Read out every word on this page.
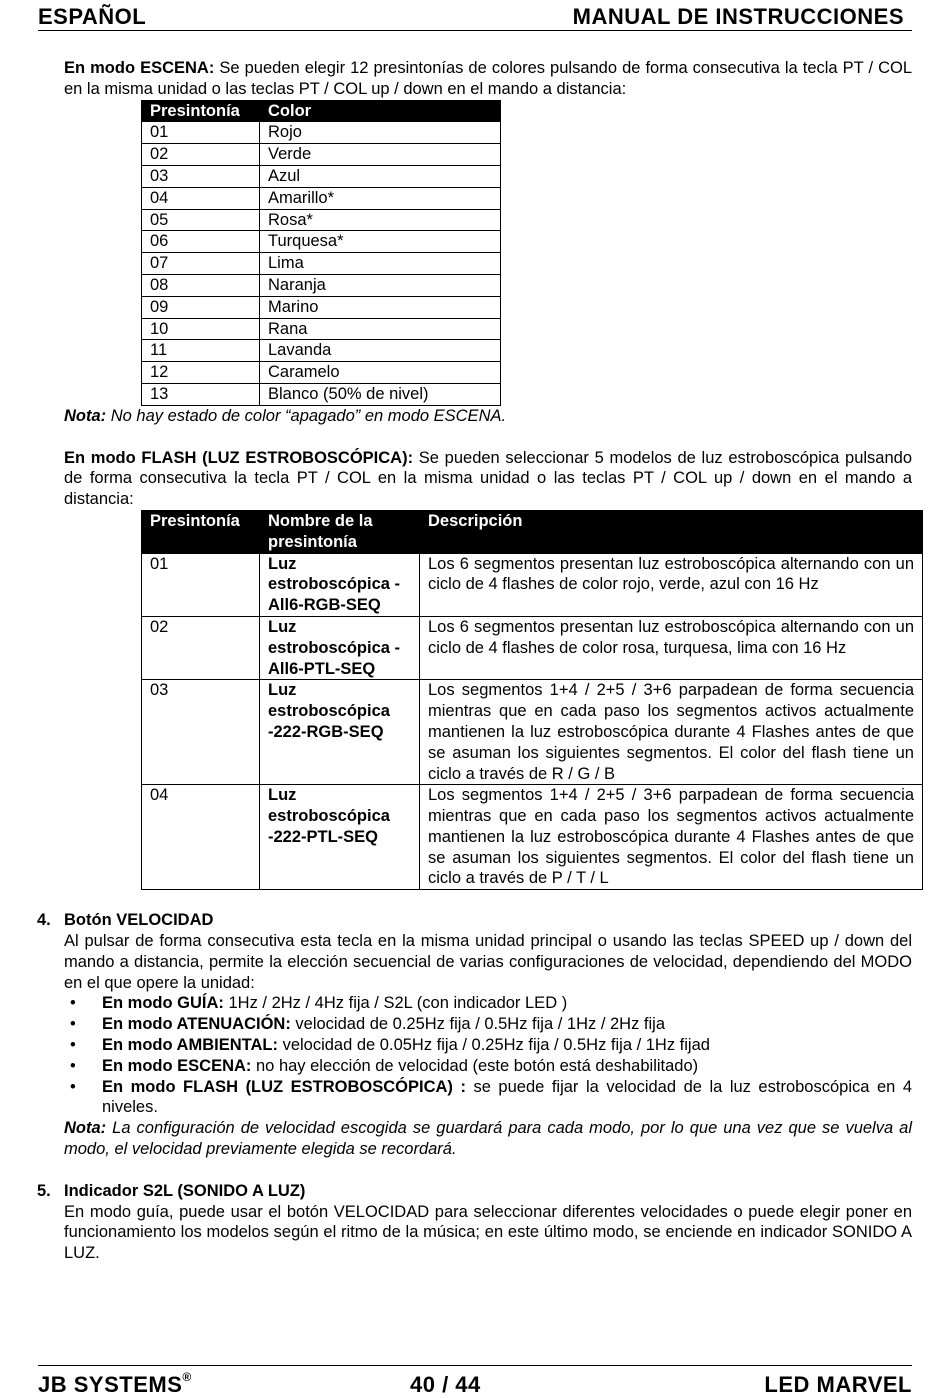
ESPAÑOL	MANUAL DE INSTRUCCIONES

En modo ESCENA: Se pueden elegir 12 presintonías de colores pulsando de forma consecutiva la tecla PT / COL en la misma unidad o las teclas PT / COL up / down en el mando a distancia:

Presintonía	Color
01	Rojo
02	Verde
03	Azul
04	Amarillo*
05	Rosa*
06	Turquesa*
07	Lima
08	Naranja
09	Marino
10	Rana
11	Lavanda
12	Caramelo
13	Blanco (50% de nivel)

Nota: No hay estado de color “apagado” en modo ESCENA.

En modo FLASH (LUZ ESTROBOSCÓPICA): Se pueden seleccionar 5 modelos de luz estroboscópica pulsando de forma consecutiva la tecla PT / COL en la misma unidad o las teclas PT / COL up / down en el mando a distancia:

Presintonía	Nombre de la presintonía	Descripción
01	Luz estroboscópica -All6-RGB-SEQ	Los 6 segmentos presentan luz estroboscópica alternando con un ciclo de 4 flashes de color rojo, verde, azul con 16 Hz
02	Luz estroboscópica -All6-PTL-SEQ	Los 6 segmentos presentan luz estroboscópica alternando con un ciclo de 4 flashes de color rosa, turquesa, lima con 16 Hz
03	Luz estroboscópica -222-RGB-SEQ	Los segmentos 1+4 / 2+5 / 3+6 parpadean de forma secuencia mientras que en cada paso los segmentos activos actualmente mantienen la luz estroboscópica durante 4 Flashes antes de que se asuman los siguientes segmentos. El color del flash tiene un ciclo a través de R / G / B
04	Luz estroboscópica -222-PTL-SEQ	Los segmentos 1+4 / 2+5 / 3+6 parpadean de forma secuencia mientras que en cada paso los segmentos activos actualmente mantienen la luz estroboscópica durante 4 Flashes antes de que se asuman los siguientes segmentos. El color del flash tiene un ciclo a través de P / T / L
4. Botón VELOCIDAD

Al pulsar de forma consecutiva esta tecla en la misma unidad principal o usando las teclas SPEED up / down del mando a distancia, permite la elección secuencial de varias configuraciones de velocidad, dependiendo del MODO en el que opere la unidad:

• En modo GUÍA: 1Hz / 2Hz / 4Hz fija / S2L (con indicador LED )
• En modo ATENUACIÓN: velocidad de 0.25Hz fija / 0.5Hz fija / 1Hz / 2Hz fija
• En modo AMBIENTAL: velocidad de 0.05Hz fija / 0.25Hz fija / 0.5Hz fija / 1Hz fijad
• En modo ESCENA: no hay elección de velocidad (este botón está deshabilitado)
• En modo FLASH (LUZ ESTROBOSCÓPICA) : se puede fijar la velocidad de la luz estroboscópica en 4 niveles.

Nota: La configuración de velocidad escogida se guardará para cada modo, por lo que una vez que se vuelva al modo, el velocidad previamente elegida se recordará.

5. Indicador S2L (SONIDO A LUZ)

En modo guía, puede usar el botón VELOCIDAD para seleccionar diferentes velocidades o puede elegir poner en funcionamiento los modelos según el ritmo de la música; en este último modo, se enciende en indicador SONIDO A LUZ.

JB SYSTEMS®	40 / 44	LED MARVEL
